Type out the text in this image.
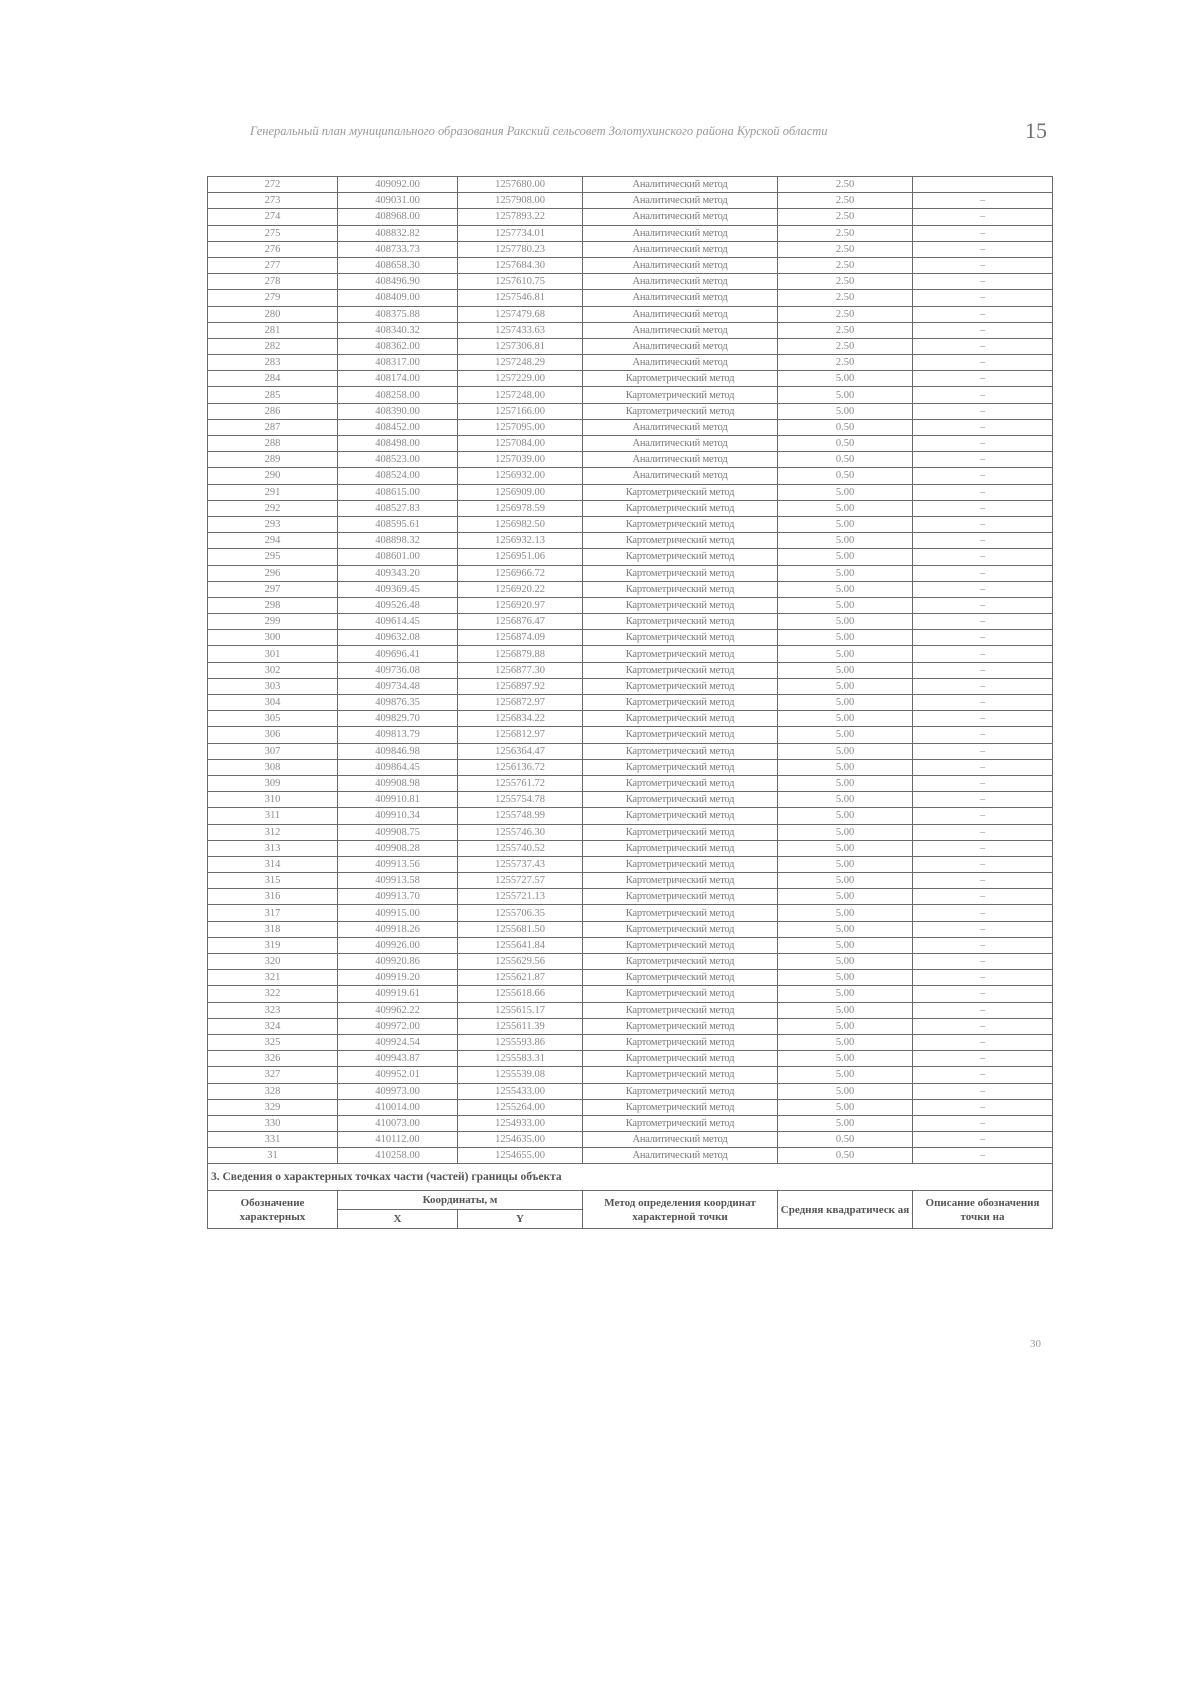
Генеральный план муниципального образования Ракский сельсовет Золотухинского района Курской области	15
272	409092.00	1257680.00	Аналитический метод	2.50	
273	409031.00	1257908.00	Аналитический метод	2.50	–
274	408968.00	1257893.22	Аналитический метод	2.50	–
275	408832.82	1257734.01	Аналитический метод	2.50	–
276	408733.73	1257780.23	Аналитический метод	2.50	–
277	408658.30	1257684.30	Аналитический метод	2.50	–
278	408496.90	1257610.75	Аналитический метод	2.50	–
279	408409.00	1257546.81	Аналитический метод	2.50	–
280	408375.88	1257479.68	Аналитический метод	2.50	–
281	408340.32	1257433.63	Аналитический метод	2.50	–
282	408362.00	1257306.81	Аналитический метод	2.50	–
283	408317.00	1257248.29	Аналитический метод	2.50	–
284	408174.00	1257229.00	Картометрический метод	5.00	–
285	408258.00	1257248.00	Картометрический метод	5.00	–
286	408390.00	1257166.00	Картометрический метод	5.00	–
287	408452.00	1257095.00	Аналитический метод	0.50	–
288	408498.00	1257084.00	Аналитический метод	0.50	–
289	408523.00	1257039.00	Аналитический метод	0.50	–
290	408524.00	1256932.00	Аналитический метод	0.50	–
291	408615.00	1256909.00	Картометрический метод	5.00	–
292	408527.83	1256978.59	Картометрический метод	5.00	–
293	408595.61	1256982.50	Картометрический метод	5.00	–
294	408898.32	1256932.13	Картометрический метод	5.00	–
295	408601.00	1256951.06	Картометрический метод	5.00	–
296	409343.20	1256966.72	Картометрический метод	5.00	–
297	409369.45	1256920.22	Картометрический метод	5.00	–
298	409526.48	1256920.97	Картометрический метод	5.00	–
299	409614.45	1256876.47	Картометрический метод	5.00	–
300	409632.08	1256874.09	Картометрический метод	5.00	–
301	409696.41	1256879.88	Картометрический метод	5.00	–
302	409736.08	1256877.30	Картометрический метод	5.00	–
303	409734.48	1256897.92	Картометрический метод	5.00	–
304	409876.35	1256872.97	Картометрический метод	5.00	–
305	409829.70	1256834.22	Картометрический метод	5.00	–
306	409813.79	1256812.97	Картометрический метод	5.00	–
307	409846.98	1256364.47	Картометрический метод	5.00	–
308	409864.45	1256136.72	Картометрический метод	5.00	–
309	409908.98	1255761.72	Картометрический метод	5.00	–
310	409910.81	1255754.78	Картометрический метод	5.00	–
311	409910.34	1255748.99	Картометрический метод	5.00	–
312	409908.75	1255746.30	Картометрический метод	5.00	–
313	409908.28	1255740.52	Картометрический метод	5.00	–
314	409913.56	1255737.43	Картометрический метод	5.00	–
315	409913.58	1255727.57	Картометрический метод	5.00	–
316	409913.70	1255721.13	Картометрический метод	5.00	–
317	409915.00	1255706.35	Картометрический метод	5.00	–
318	409918.26	1255681.50	Картометрический метод	5.00	–
319	409926.00	1255641.84	Картометрический метод	5.00	–
320	409920.86	1255629.56	Картометрический метод	5.00	–
321	409919.20	1255621.87	Картометрический метод	5.00	–
322	409919.61	1255618.66	Картометрический метод	5.00	–
323	409962.22	1255615.17	Картометрический метод	5.00	–
324	409972.00	1255611.39	Картометрический метод	5.00	–
325	409924.54	1255593.86	Картометрический метод	5.00	–
326	409943.87	1255583.31	Картометрический метод	5.00	–
327	409952.01	1255539.08	Картометрический метод	5.00	–
328	409973.00	1255433.00	Картометрический метод	5.00	–
329	410014.00	1255264.00	Картометрический метод	5.00	–
330	410073.00	1254933.00	Картометрический метод	5.00	–
331	410112.00	1254635.00	Аналитический метод	0.50	–
31	410258.00	1254655.00	Аналитический метод	0.50	–
3. Сведения о характерных точках части (частей) границы объекта					
Обозначение характерных	Координаты, м		Метод определения координат характерной точки	Средняя квадратическ ая	Описание обозначения точки на
	X	Y			
30
